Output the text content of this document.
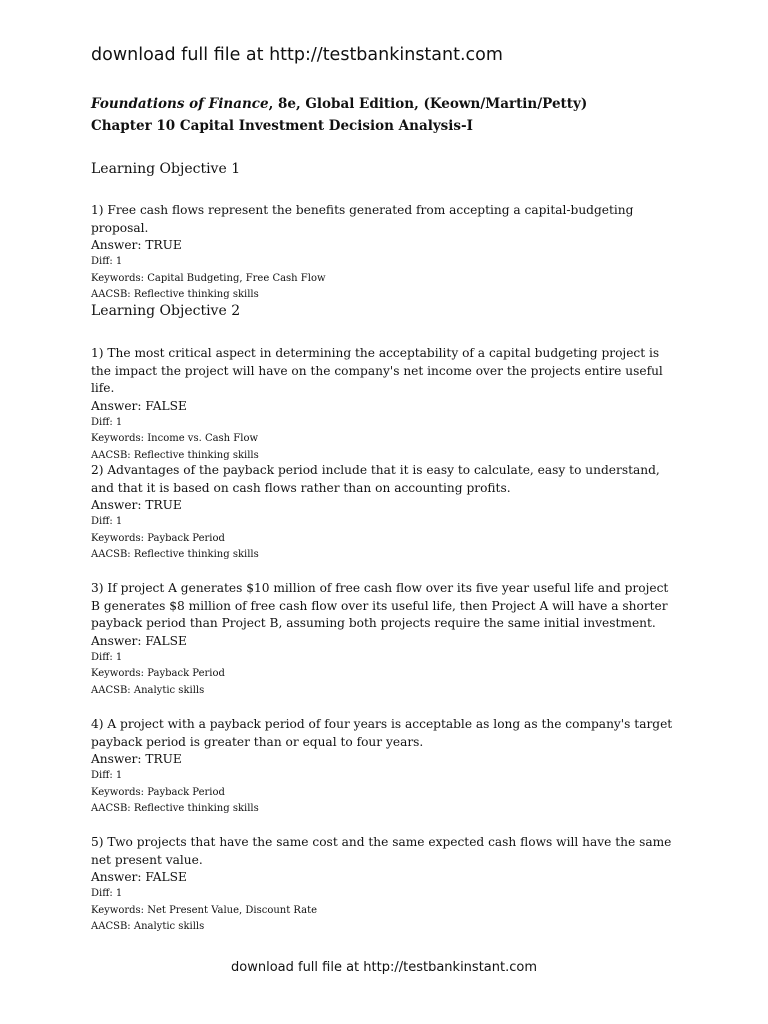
download full file at http://testbankinstant.com
Foundations of Finance, 8e, Global Edition, (Keown/Martin/Petty)
Chapter 10 Capital Investment Decision Analysis-I
Learning Objective 1

1) Free cash flows represent the benefits generated from accepting a capital-budgeting proposal.

Answer: TRUE

Diff: 1

Keywords: Capital Budgeting, Free Cash Flow

AACSB: Reflective thinking skills

Learning Objective 2

1) The most critical aspect in determining the acceptability of a capital budgeting project is the impact the project will have on the company's net income over the projects entire useful life.

Answer: FALSE

Diff: 1

Keywords: Income vs. Cash Flow

AACSB: Reflective thinking skills

2) Advantages of the payback period include that it is easy to calculate, easy to understand, and that it is based on cash flows rather than on accounting profits.

Answer: TRUE

Diff: 1

Keywords: Payback Period

AACSB: Reflective thinking skills

3) If project A generates $10 million of free cash flow over its five year useful life and project B generates $8 million of free cash flow over its useful life, then Project A will have a shorter payback period than Project B, assuming both projects require the same initial investment.

Answer: FALSE

Diff: 1

Keywords: Payback Period

AACSB: Analytic skills

4) A project with a payback period of four years is acceptable as long as the company's target payback period is greater than or equal to four years.

Answer: TRUE

Diff: 1

Keywords: Payback Period

AACSB: Reflective thinking skills

5) Two projects that have the same cost and the same expected cash flows will have the same net present value.

Answer: FALSE

Diff: 1

Keywords: Net Present Value, Discount Rate

AACSB: Analytic skills

download full file at http://testbankinstant.com
